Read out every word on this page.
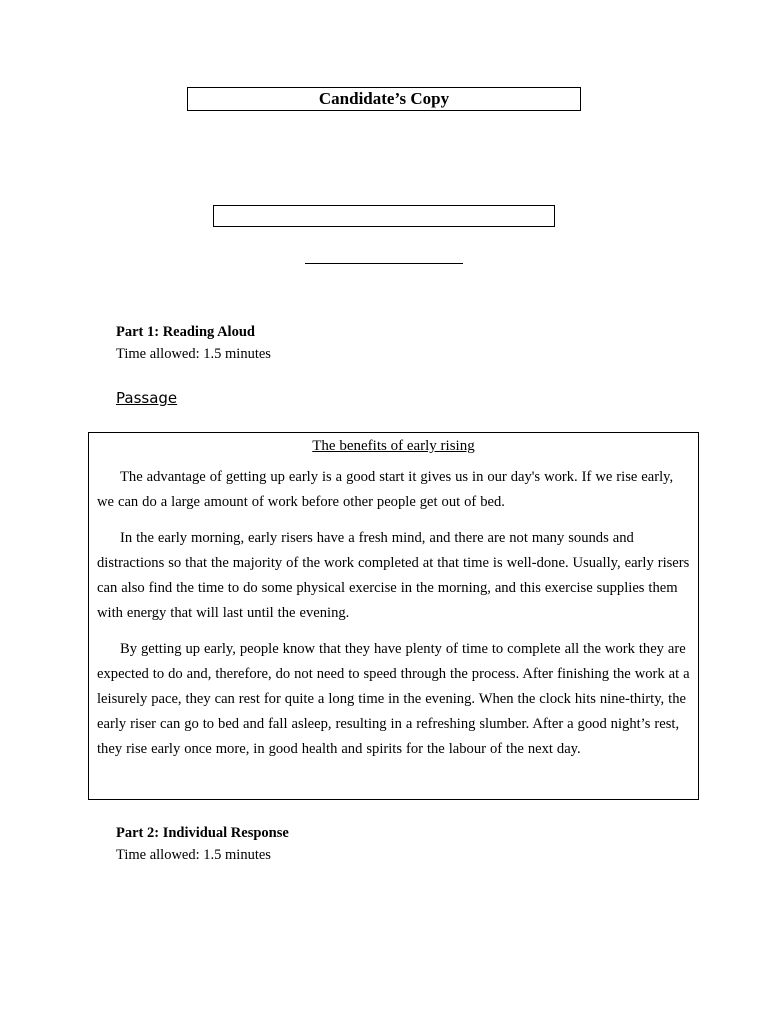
Candidate’s Copy
Part 1: Reading Aloud
Time allowed: 1.5 minutes
Passage
The benefits of early rising

The advantage of getting up early is a good start it gives us in our day's work. If we rise early, we can do a large amount of work before other people get out of bed.

In the early morning, early risers have a fresh mind, and there are not many sounds and distractions so that the majority of the work completed at that time is well-done. Usually, early risers can also find the time to do some physical exercise in the morning, and this exercise supplies them with energy that will last until the evening.

By getting up early, people know that they have plenty of time to complete all the work they are expected to do and, therefore, do not need to speed through the process. After finishing the work at a leisurely pace, they can rest for quite a long time in the evening. When the clock hits nine-thirty, the early riser can go to bed and fall asleep, resulting in a refreshing slumber. After a good night’s rest, they rise early once more, in good health and spirits for the labour of the next day.

Part 2: Individual Response
Time allowed: 1.5 minutes
